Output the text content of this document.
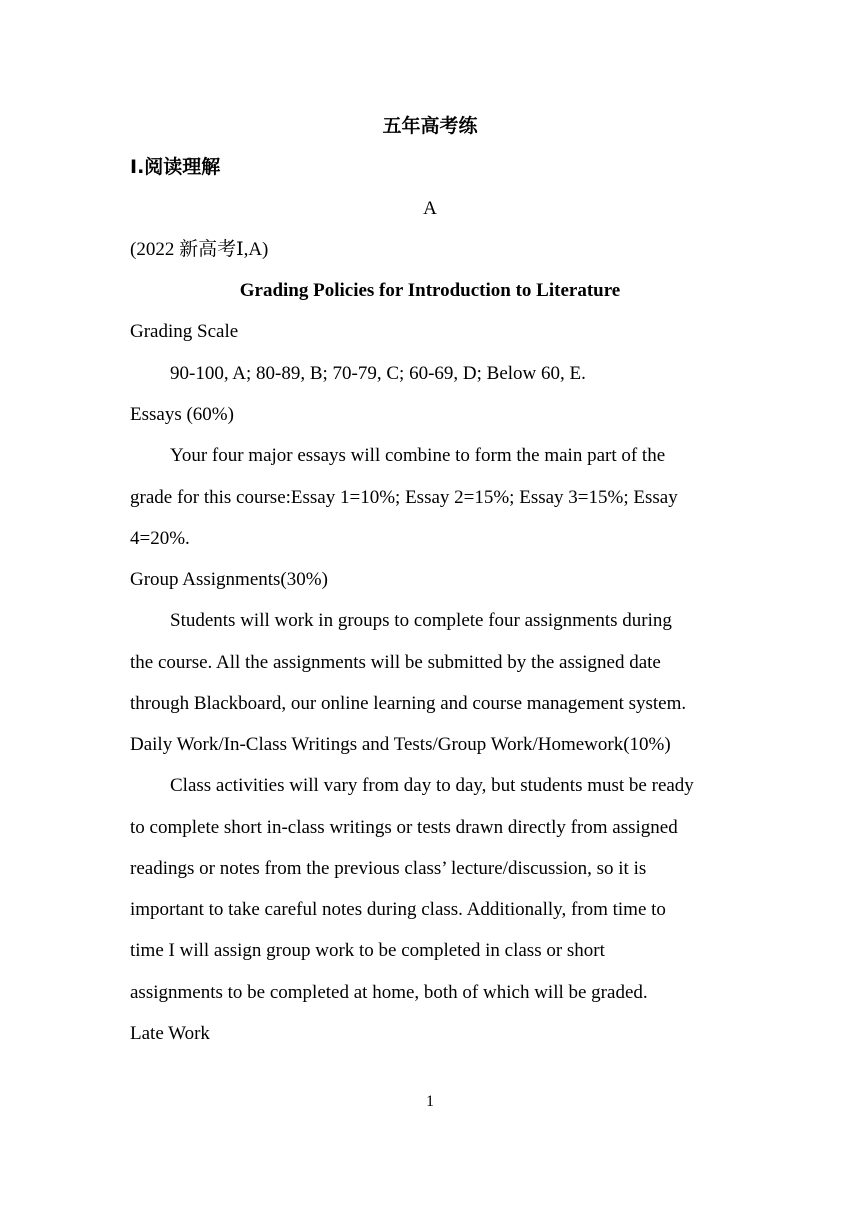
五年高考练
Ⅰ.阅读理解
A
(2022 新高考Ⅰ,A)
Grading Policies for Introduction to Literature
Grading Scale
90-100, A; 80-89, B; 70-79, C; 60-69, D; Below 60, E.
Essays (60%)
Your four major essays will combine to form the main part of the
grade for this course:Essay 1=10%; Essay 2=15%; Essay 3=15%; Essay
4=20%.
Group Assignments(30%)
Students will work in groups to complete four assignments during
the course. All the assignments will be submitted by the assigned date
through Blackboard, our online learning and course management system.
Daily Work/In-Class Writings and Tests/Group Work/Homework(10%)
Class activities will vary from day to day, but students must be ready
to complete short in-class writings or tests drawn directly from assigned
readings or notes from the previous class’ lecture/discussion, so it is
important to take careful notes during class. Additionally, from time to
time I will assign group work to be completed in class or short
assignments to be completed at home, both of which will be graded.
Late Work
1
